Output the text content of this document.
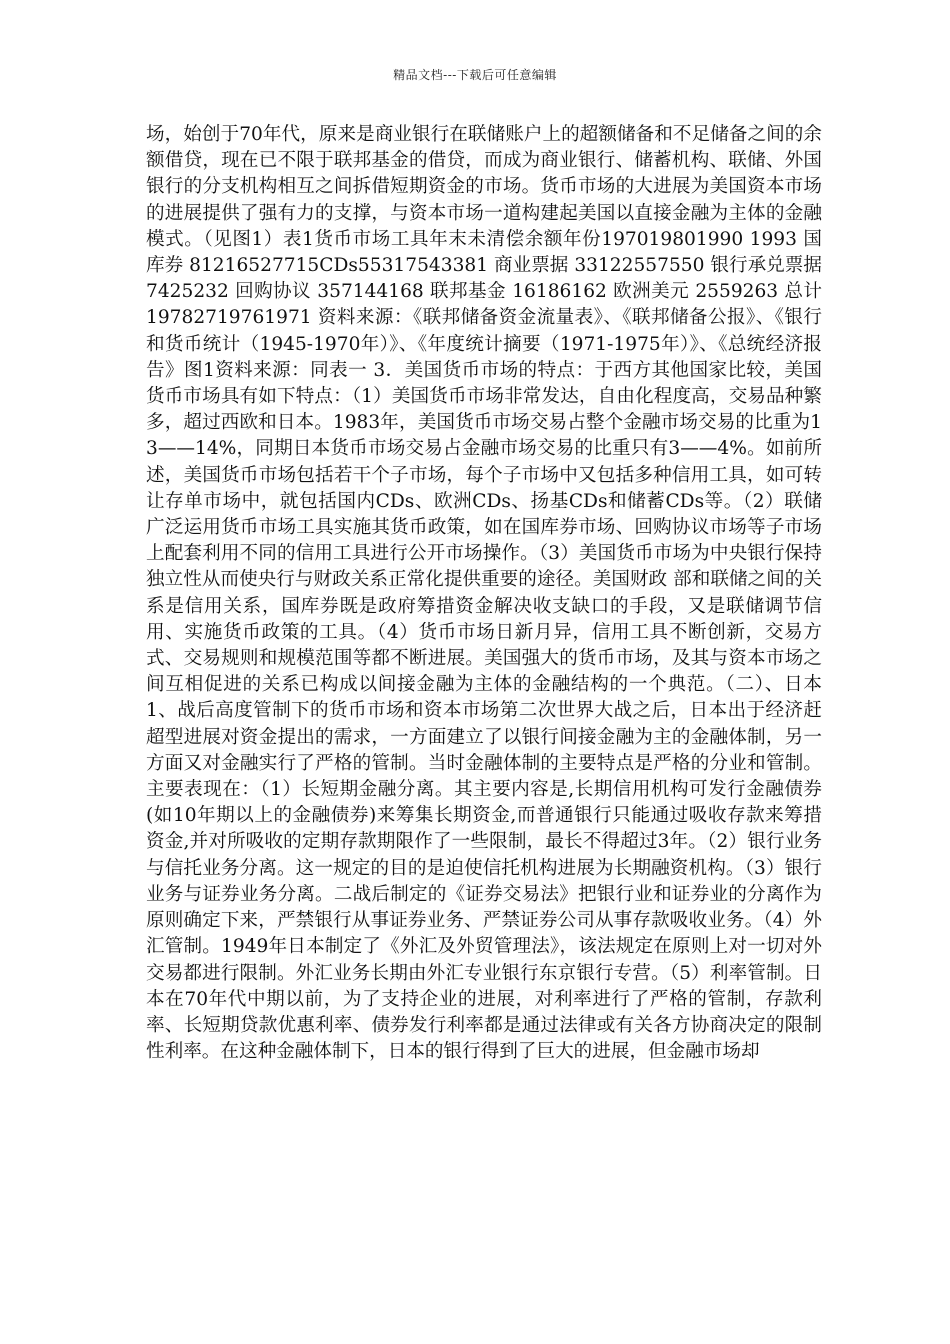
精品文档---下载后可任意编辑

场，始创于70年代，原来是商业银行在联储账户上的超额储备和不足储备之间的余额借贷，现在已不限于联邦基金的借贷，而成为商业银行、储蓄机构、联储、外国银行的分支机构相互之间拆借短期资金的市场。货币市场的大进展为美国资本市场的进展提供了强有力的支撑，与资本市场一道构建起美国以直接金融为主体的金融模式。（见图1）表1货币市场工具年末未清偿余额年份197019801990 1993 国库券 81216527715CDs55317543381 商业票据 33122557550 银行承兑票据 7425232 回购协议 357144168 联邦基金 16186162 欧洲美元 2559263 总计 19782719761971 资料来源：《联邦储备资金流量表》、《联邦储备公报》、《银行和货币统计（1945-1970年）》、《年度统计摘要（1971-1975年）》、《总统经济报告》图1资料来源：同表一 3．美国货币市场的特点：于西方其他国家比较，美国货币市场具有如下特点：（1）美国货币市场非常发达，自由化程度高，交易品种繁多，超过西欧和日本。1983年，美国货币市场交易占整个金融市场交易的比重为13——14%，同期日本货币市场交易占金融市场交易的比重只有3——4%。如前所述，美国货币市场包括若干个子市场，每个子市场中又包括多种信用工具，如可转让存单市场中，就包括国内CDs、欧洲CDs、扬基CDs和储蓄CDs等。（2）联储广泛运用货币市场工具实施其货币政策，如在国库券市场、回购协议市场等子市场上配套利用不同的信用工具进行公开市场操作。（3）美国货币市场为中央银行保持独立性从而使央行与财政关系正常化提供重要的途径。美国财政 部和联储之间的关系是信用关系，国库券既是政府筹措资金解决收支缺口的手段，又是联储调节信用、实施货币政策的工具。（4）货币市场日新月异，信用工具不断创新，交易方式、交易规则和规模范围等都不断进展。美国强大的货币市场，及其与资本市场之间互相促进的关系已构成以间接金融为主体的金融结构的一个典范。（二）、日本1、战后高度管制下的货币市场和资本市场第二次世界大战之后，日本出于经济赶超型进展对资金提出的需求，一方面建立了以银行间接金融为主的金融体制，另一方面又对金融实行了严格的管制。当时金融体制的主要特点是严格的分业和管制。主要表现在：（1）长短期金融分离。其主要内容是,长期信用机构可发行金融债券(如10年期以上的金融债券)来筹集长期资金,而普通银行只能通过吸收存款来筹措资金,并对所吸收的定期存款期限作了一些限制，最长不得超过3年。（2）银行业务与信托业务分离。这一规定的目的是迫使信托机构进展为长期融资机构。（3）银行业务与证券业务分离。二战后制定的《证券交易法》把银行业和证券业的分离作为原则确定下来，严禁银行从事证券业务、严禁证券公司从事存款吸收业务。（4）外汇管制。1949年日本制定了《外汇及外贸管理法》，该法规定在原则上对一切对外交易都进行限制。外汇业务长期由外汇专业银行东京银行专营。（5）利率管制。日本在70年代中期以前，为了支持企业的进展，对利率进行了严格的管制，存款利率、长短期贷款优惠利率、债券发行利率都是通过法律或有关各方协商决定的限制性利率。在这种金融体制下，日本的银行得到了巨大的进展，但金融市场却
